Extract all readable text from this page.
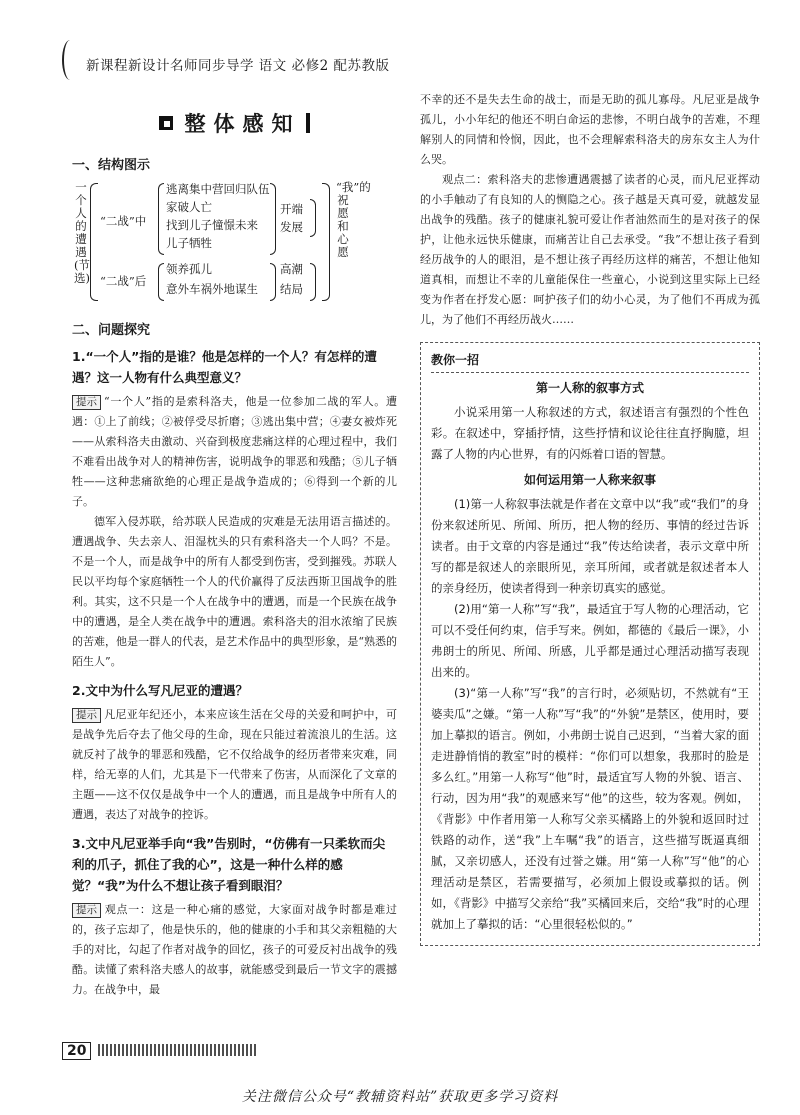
新课程新设计名师同步导学 语文 必修2 配苏教版
整体感知
一、结构图示
一个人的遭遇(节选)
“二战”中
逃离集中营回归队伍
家破人亡
找到儿子憧憬未来
儿子牺牲
开端
发展
“二战”后
领养孤儿
意外车祸外地谋生
高潮
结局
“我”的祝愿和心愿
二、问题探究
1.“一个人”指的是谁？他是怎样的一个人？有怎样的遭遇？这一人物有什么典型意义？
提示 “一个人”指的是索科洛夫，他是一位参加二战的军人。遭遇：①上了前线；②被俘受尽折磨；③逃出集中营；④妻女被炸死——从索科洛夫由激动、兴奋到极度悲痛这样的心理过程中，我们不难看出战争对人的精神伤害，说明战争的罪恶和残酷；⑤儿子牺牲——这种悲痛欲绝的心理正是战争造成的；⑥得到一个新的儿子。
德军入侵苏联，给苏联人民造成的灾难是无法用语言描述的。遭遇战争、失去亲人、泪湿枕头的只有索科洛夫一个人吗？不是。不是一个人，而是战争中的所有人都受到伤害，受到摧残。苏联人民以平均每个家庭牺牲一个人的代价赢得了反法西斯卫国战争的胜利。其实，这不只是一个人在战争中的遭遇，而是一个民族在战争中的遭遇，是全人类在战争中的遭遇。索科洛夫的泪水浓缩了民族的苦难，他是一群人的代表，是艺术作品中的典型形象，是“熟悉的陌生人”。
2.文中为什么写凡尼亚的遭遇？
提示 凡尼亚年纪还小，本来应该生活在父母的关爱和呵护中，可是战争先后夺去了他父母的生命，现在只能过着流浪儿的生活。这就反衬了战争的罪恶和残酷，它不仅给战争的经历者带来灾难，同样，给无辜的人们，尤其是下一代带来了伤害，从而深化了文章的主题——这不仅仅是战争中一个人的遭遇，而且是战争中所有人的遭遇，表达了对战争的控诉。
3.文中凡尼亚举手向“我”告别时，“仿佛有一只柔软而尖利的爪子，抓住了我的心”，这是一种什么样的感觉？“我”为什么不想让孩子看到眼泪？
提示 观点一：这是一种心痛的感觉，大家面对战争时都是难过的，孩子忘却了，他是快乐的，他的健康的小手和其父亲粗糙的大手的对比，勾起了作者对战争的回忆，孩子的可爱反衬出战争的残酷。读懂了索科洛夫感人的故事，就能感受到最后一节文字的震撼力。在战争中，最
不幸的还不是失去生命的战士，而是无助的孤儿寡母。凡尼亚是战争孤儿，小小年纪的他还不明白命运的悲惨，不明白战争的苦难，不理解别人的同情和怜悯，因此，也不会理解索科洛夫的房东女主人为什么哭。
观点二：索科洛夫的悲惨遭遇震撼了读者的心灵，而凡尼亚挥动的小手触动了有良知的人的恻隐之心。孩子越是天真可爱，就越发显出战争的残酷。孩子的健康礼貌可爱让作者油然而生的是对孩子的保护，让他永远快乐健康，而痛苦让自己去承受。“我”不想让孩子看到经历战争的人的眼泪，是不想让孩子再经历这样的痛苦，不想让他知道真相，而想让不幸的儿童能保住一些童心，小说到这里实际上已经变为作者在抒发心愿：呵护孩子们的幼小心灵，为了他们不再成为孤儿，为了他们不再经历战火……
教你一招
第一人称的叙事方式
小说采用第一人称叙述的方式，叙述语言有强烈的个性色彩。在叙述中，穿插抒情，这些抒情和议论往往直抒胸臆，坦露了人物的内心世界，有的闪烁着口语的智慧。
如何运用第一人称来叙事
(1)第一人称叙事法就是作者在文章中以“我”或“我们”的身份来叙述所见、所闻、所历，把人物的经历、事情的经过告诉读者。由于文章的内容是通过“我”传达给读者，表示文章中所写的都是叙述人的亲眼所见，亲耳所闻，或者就是叙述者本人的亲身经历，使读者得到一种亲切真实的感觉。
(2)用“第一人称”写“我”，最适宜于写人物的心理活动，它可以不受任何约束，信手写来。例如，都德的《最后一课》，小弗朗士的所见、所闻、所感，儿乎都是通过心理活动描写表现出来的。
(3)“第一人称”写“我”的言行时，必须贴切，不然就有“王婆卖瓜”之嫌。“第一人称”写“我”的“外貌”是禁区，使用时，要加上摹拟的语言。例如，小弗朗士说自己迟到，“当着大家的面走进静悄悄的教室”时的模样：“你们可以想象，我那时的脸是多么红。”用第一人称写“他”时，最适宜写人物的外貌、语言、行动，因为用“我”的观感来写“他”的这些，较为客观。例如，《背影》中作者用第一人称写父亲买橘路上的外貌和返回时过铁路的动作，送“我”上车嘱“我”的语言，这些描写既逼真细腻，又亲切感人，还没有过誉之嫌。用“第一人称”写“他”的心理活动是禁区，若需要描写，必须加上假设或摹拟的话。例如，《背影》中描写父亲给“我”买橘回来后，交给“我”时的心理就加上了摹拟的话：“心里很轻松似的。”
20
关注微信公众号“教辅资料站”获取更多学习资料
